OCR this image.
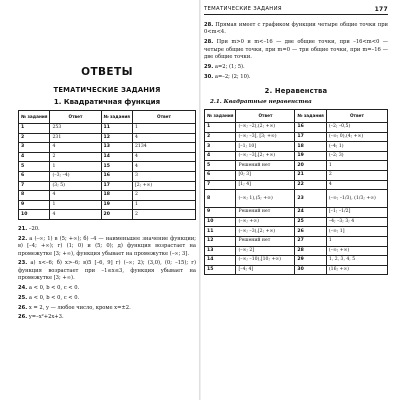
ОТВЕТЫ
ТЕМАТИЧЕСКИЕ ЗАДАНИЯ
1. Квадратичная функция
№ задания	Ответ	№ задания	Ответ
1	253	11	1
2	231	12	4
3	4	13	2134
4	2	14	4
5	1	15	4
6	(–3; –4)	16	3
7	(3; 5)	17	[2; +∞)
8	4	18	2
9	1	19	1
10	4	20	2

21. –20.

22. a (–∞; 1) в (5; +∞); б) –4 — наименьшее значение функции; в) [–4; +∞); г) (1; 0) и (5; 0); д) функция возрастает на промежутке [3; +∞), функция убывает на промежутке (–∞; 3].

23. а) x<–6; б) x>–6; в)5 [–6, 9] г) (–∞; 2); (3,0), (0; –15); г) функция возрастает при –1≤x≤3, функция убывает на промежутке [3; +∞).

24. a < 0, b < 0, c < 0.

25. a < 0, b < 0, c < 0.

26. x = 2, y — любое число, кроме x=±2.

26. y=–x²+2x+3.

ТЕМАТИЧЕСКИЕ ЗАДАНИЯ	177

28. Прямая имеет с графиком функции четыре общие точки при 0<m<4.

28. При m>0 и m<–16 — две общие точки, при –16<m<0 — четыре общие точки, при m=0 — три общие точки, при m=–16 — две общие точки.

29. a=2; (1; 5).

30. a=–2; (2; 10).

2. Неравенства
2.1. Квадратные неравенства
№ задания	Ответ	№ задания	Ответ
1	(–∞; –2),(2; +∞)	16	(–2; –0,5)
2	(–∞; –3], [3; +∞)	17	(–∞; 0),(4; +∞)
3	[–1; 10]	18	(–4; 1)
4	(–∞; –3],[2; +∞)	19	(–2; 3)
5	Решений нет	20	1
6	[0; 3]	21	2
7	[1; 4]	22	4
8	(–∞; 1),(5; +∞)	23	(–∞; –1/3), (1/3; +∞)
9	Решений нет	24	[–1; –1/2]
10	(–∞; +∞)	25	–4; –3; 3; 4
11	(–∞; –3),[2; +∞)	26	(–∞; 1]
12	Решений нет	27	1
13	(–∞; 2]	28	(–∞; +∞)
14	(–∞; –10),[10; +∞)	29	1, 2, 3, 4, 5
15	[–4; 4]	30	(16; +∞)
